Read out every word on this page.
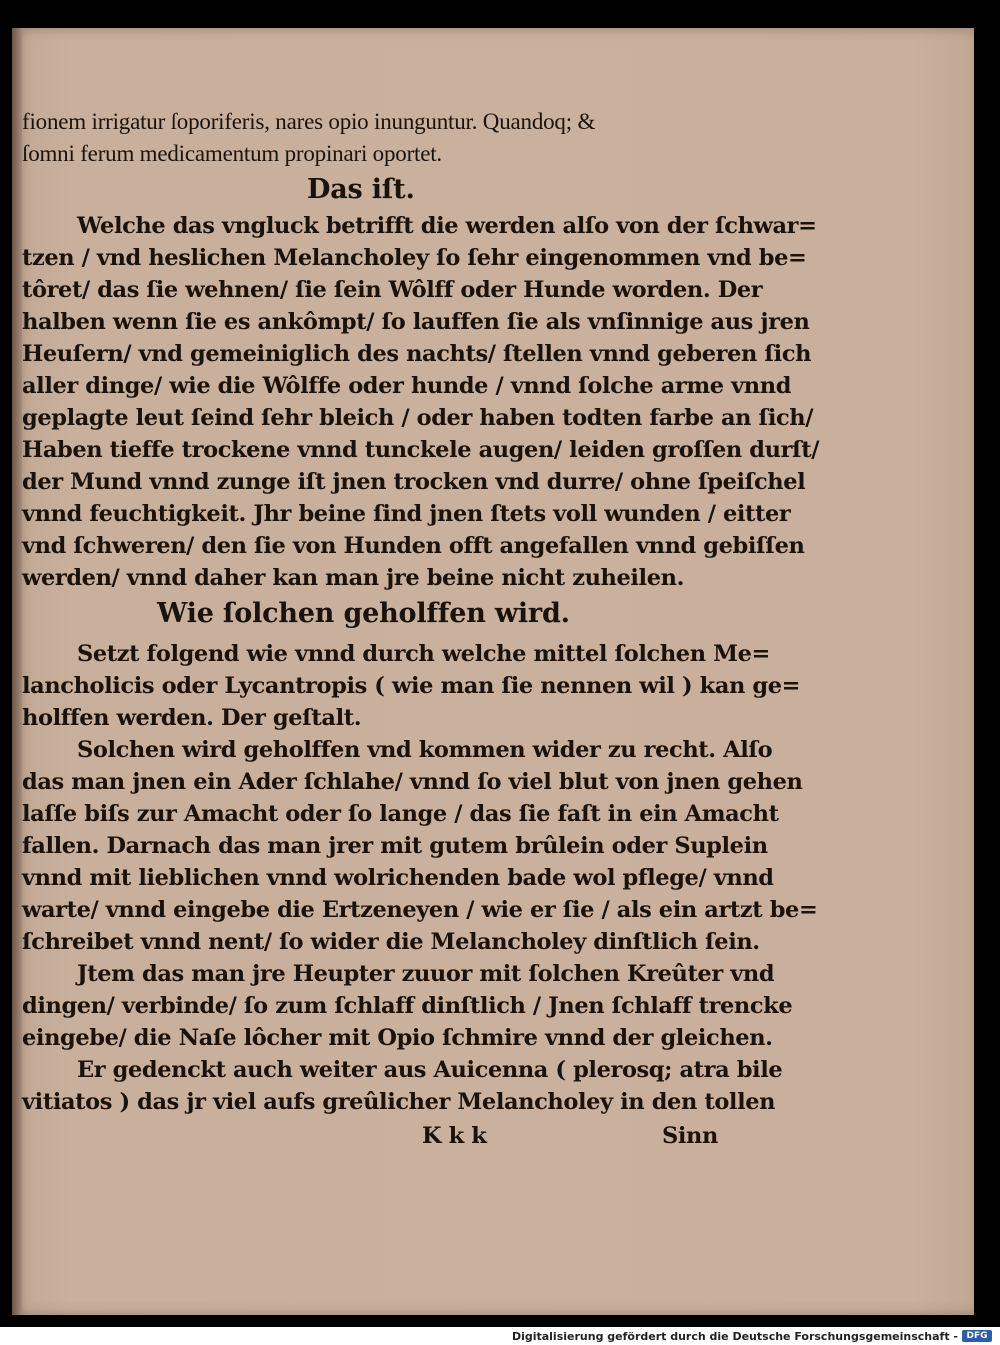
fionem irrigatur ſoporiferis, nares opio inunguntur. Quandoq; &
ſomni ferum medicamentum propinari oportet.
Das iſt.
Welche das vngluck betrifft die werden alſo von der ſchwar=
tzen / vnd heslichen Melancholey ſo ſehr eingenommen vnd be=
tôret/ das ſie wehnen/ ſie ſein Wôlff oder Hunde worden. Der
halben wenn ſie es ankômpt/ ſo lauffen ſie als vnſinnige aus jren
Heuſern/ vnd gemeiniglich des nachts/ ſtellen vnnd geberen ſich
aller dinge/ wie die Wôlffe oder hunde / vnnd ſolche arme vnnd
geplagte leut ſeind ſehr bleich / oder haben todten farbe an ſich/
Haben tieffe trockene vnnd tunckele augen/ leiden groſſen durſt/
der Mund vnnd zunge iſt jnen trocken vnd durre/ ohne ſpeiſchel
vnnd feuchtigkeit. Jhr beine ſind jnen ſtets voll wunden / eitter
vnd ſchweren/ den ſie von Hunden offt angefallen vnnd gebiſſen
werden/ vnnd daher kan man jre beine nicht zuheilen.
Wie ſolchen geholffen wird.
Setzt folgend wie vnnd durch welche mittel ſolchen Me=
lancholicis oder Lycantropis ( wie man ſie nennen wil ) kan ge=
holffen werden. Der geſtalt.
Solchen wird geholffen vnd kommen wider zu recht. Alſo
das man jnen ein Ader ſchlahe/ vnnd ſo viel blut von jnen gehen
laſſe biſs zur Amacht oder ſo lange / das ſie faſt in ein Amacht
fallen. Darnach das man jrer mit gutem brûlein oder Suplein
vnnd mit lieblichen vnnd wolrichenden bade wol pflege/ vnnd
warte/ vnnd eingebe die Ertzeneyen / wie er ſie / als ein artzt be=
ſchreibet vnnd nent/ ſo wider die Melancholey dinſtlich ſein.
Jtem das man jre Heupter zuuor mit ſolchen Kreûter vnd
dingen/ verbinde/ ſo zum ſchlaff dinſtlich / Jnen ſchlaff trencke
eingebe/ die Naſe lôcher mit Opio ſchmire vnnd der gleichen.
Er gedenckt auch weiter aus Auicenna ( plerosq; atra bile
vitiatos ) das jr viel aufs greûlicher Melancholey in den tollen
K k k	Sinn
Digitalisierung gefördert durch die Deutsche Forschungsgemeinschaft - DFG
